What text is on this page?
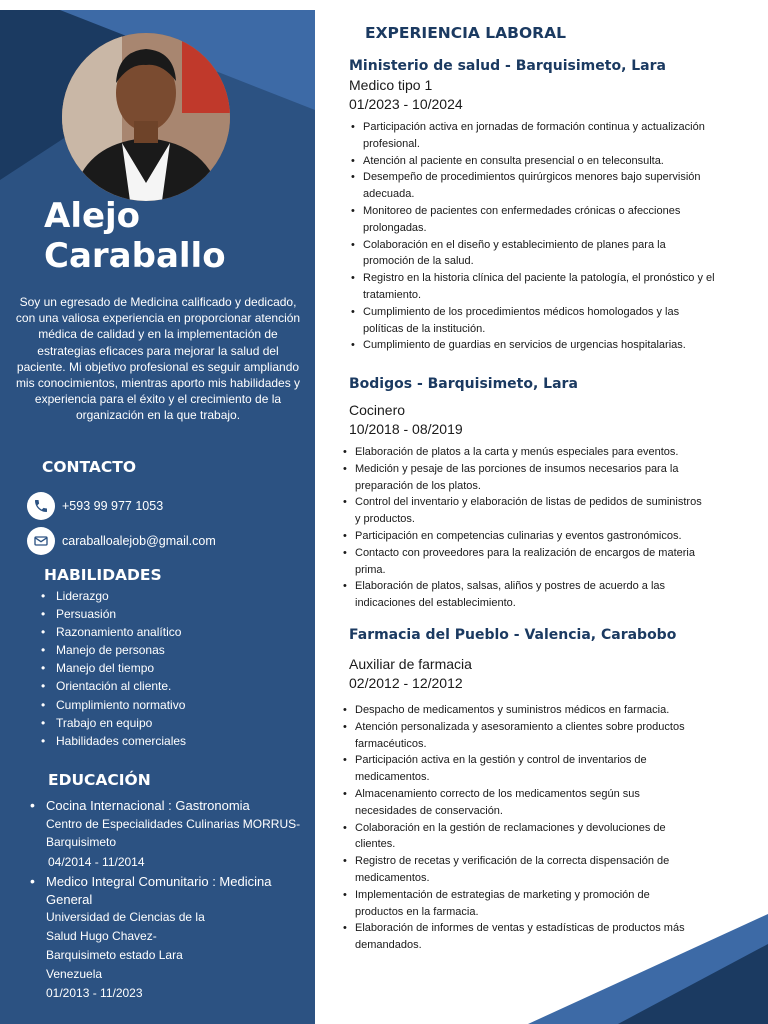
Alejo
Caraballo
Soy un egresado de Medicina calificado y dedicado, con una valiosa experiencia en proporcionar atención médica de calidad y en la implementación de estrategias eficaces para mejorar la salud del paciente. Mi objetivo profesional es seguir ampliando mis conocimientos, mientras aporto mis habilidades y experiencia para el éxito y el crecimiento de la organización en la que trabajo.
CONTACTO
+593 99 977 1053
caraballoalejob@gmail.com
HABILIDADES
• Liderazgo
• Persuasión
• Razonamiento analítico
• Manejo de personas
• Manejo del tiempo
• Orientación al cliente.
• Cumplimiento normativo
• Trabajo en equipo
• Habilidades comerciales
EDUCACIÓN
• Cocina Internacional : Gastronomia
Centro de Especialidades Culinarias MORRUS-
Barquisimeto
04/2014 - 11/2014
• Medico Integral Comunitario : Medicina
General
Universidad de Ciencias de la
Salud Hugo Chavez-
Barquisimeto estado Lara
Venezuela
01/2013 - 11/2023
EXPERIENCIA LABORAL
Ministerio de salud - Barquisimeto, Lara
Medico tipo 1
01/2023 - 10/2024
• Participación activa en jornadas de formación continua y actualización
profesional.
• Atención al paciente en consulta presencial o en teleconsulta.
• Desempeño de procedimientos quirúrgicos menores bajo supervisión
adecuada.
• Monitoreo de pacientes con enfermedades crónicas o afecciones
prolongadas.
• Colaboración en el diseño y establecimiento de planes para la
promoción de la salud.
• Registro en la historia clínica del paciente la patología, el pronóstico y el
tratamiento.
• Cumplimiento de los procedimientos médicos homologados y las
políticas de la institución.
• Cumplimiento de guardias en servicios de urgencias hospitalarias.
Bodigos - Barquisimeto, Lara
Cocinero
10/2018 - 08/2019
• Elaboración de platos a la carta y menús especiales para eventos.
• Medición y pesaje de las porciones de insumos necesarios para la
preparación de los platos.
• Control del inventario y elaboración de listas de pedidos de suministros
y productos.
• Participación en competencias culinarias y eventos gastronómicos.
• Contacto con proveedores para la realización de encargos de materia
prima.
• Elaboración de platos, salsas, aliños y postres de acuerdo a las
indicaciones del establecimiento.
Farmacia del Pueblo - Valencia, Carabobo
Auxiliar de farmacia
02/2012 - 12/2012
• Despacho de medicamentos y suministros médicos en farmacia.
• Atención personalizada y asesoramiento a clientes sobre productos
farmacéuticos.
• Participación activa en la gestión y control de inventarios de
medicamentos.
• Almacenamiento correcto de los medicamentos según sus
necesidades de conservación.
• Colaboración en la gestión de reclamaciones y devoluciones de
clientes.
• Registro de recetas y verificación de la correcta dispensación de
medicamentos.
• Implementación de estrategias de marketing y promoción de
productos en la farmacia.
• Elaboración de informes de ventas y estadísticas de productos más
demandados.
